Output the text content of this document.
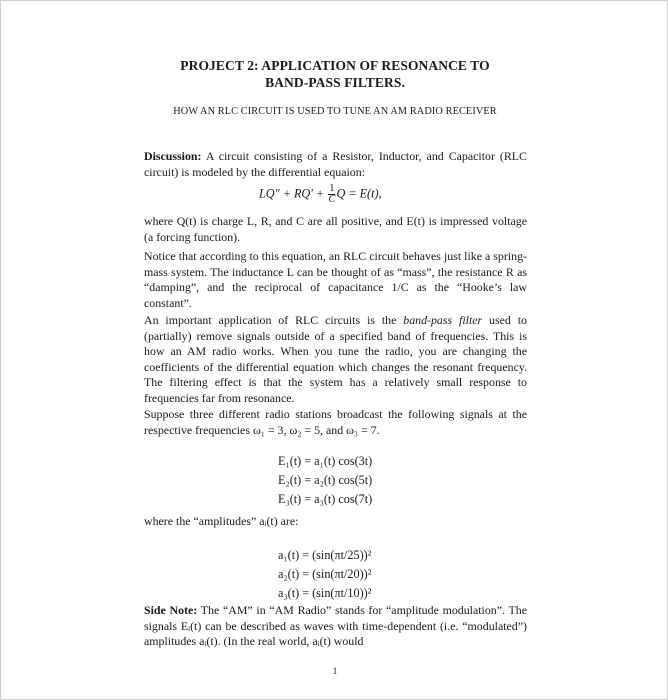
PROJECT 2: APPLICATION OF RESONANCE TO
BAND-PASS FILTERS.
HOW AN RLC CIRCUIT IS USED TO TUNE AN AM RADIO RECEIVER
Discussion: A circuit consisting of a Resistor, Inductor, and Capacitor (RLC circuit) is modeled by the differential equaion:
$LQ'' + RQ' + \frac{1}{C}$ Q = E(t),
where Q(t) is charge L, R, and C are all positive, and E(t) is impressed voltage (a forcing function).
Notice that according to this equation, an RLC circuit behaves just like a spring-mass system. The inductance L can be thought of as “mass”, the resistance R as “damping”, and the reciprocal of capacitance 1/C as the “Hooke’s law constant”.
An important application of RLC circuits is the band-pass filter used to (partially) remove signals outside of a specified band of frequencies. This is how an AM radio works. When you tune the radio, you are changing the coefficients of the differential equation which changes the resonant frequency. The filtering effect is that the system has a relatively small response to frequencies far from resonance.
Suppose three different radio stations broadcast the following signals at the respective frequencies ω₁ = 3, ω₂ = 5, and ω₃ = 7.
E₁(t) = a₁(t) cos(3t)
E₂(t) = a₂(t) cos(5t)
E₃(t) = a₃(t) cos(7t)
where the “amplitudes” aᵢ(t) are:
a₁(t) = (sin(πt/25))²
a₂(t) = (sin(πt/20))²
a₃(t) = (sin(πt/10))²
Side Note: The “AM” in “AM Radio” stands for “amplitude modulation”. The signals Eᵢ(t) can be described as waves with time-dependent (i.e. “modulated”) amplitudes aᵢ(t). (In the real world, aᵢ(t) would
1
